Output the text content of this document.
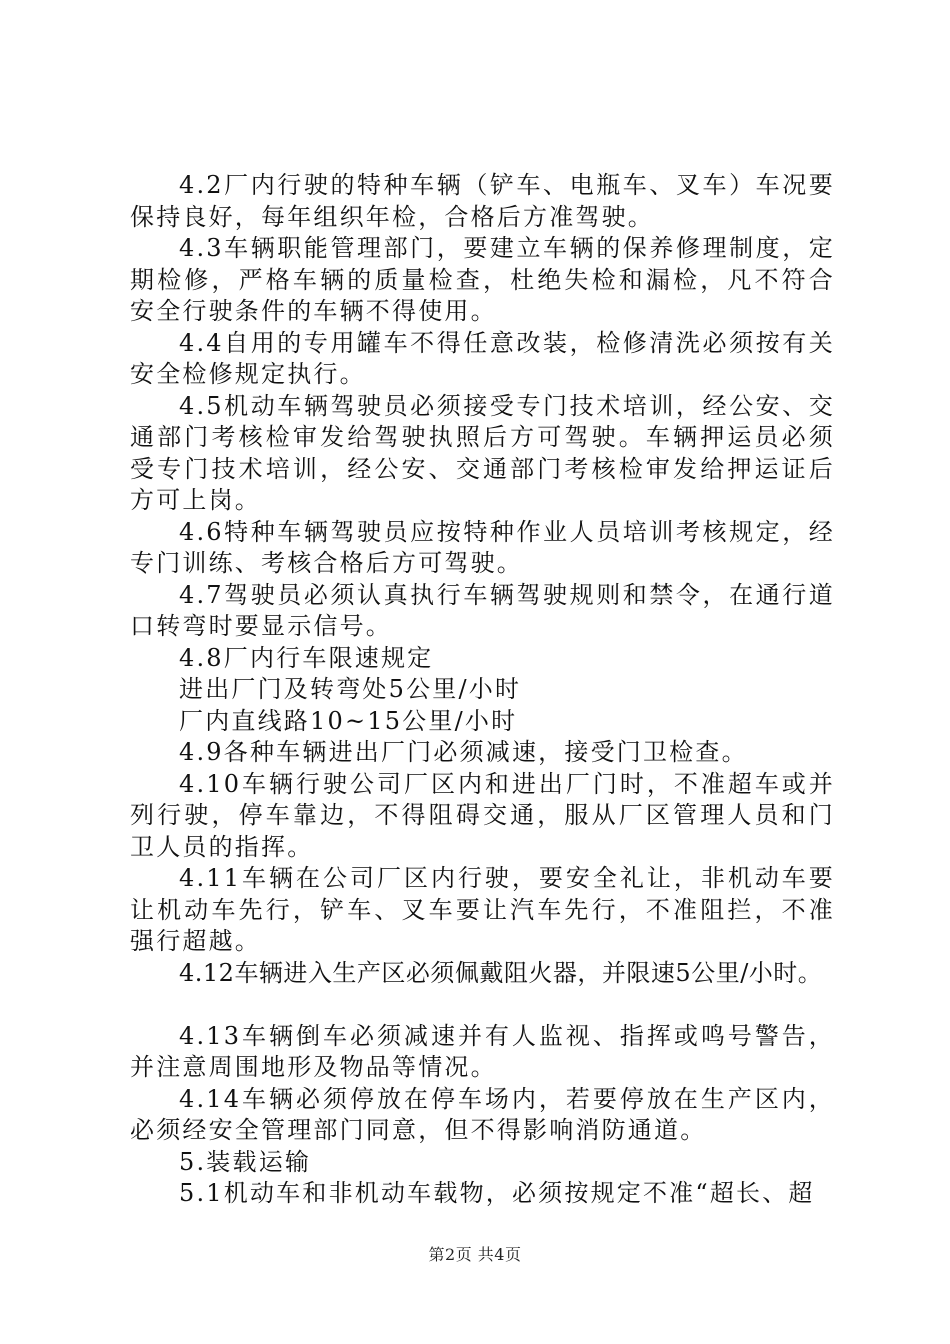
4.2厂内行驶的特种车辆（铲车、电瓶车、叉车）车况要保持良好，每年组织年检，合格后方准驾驶。

4.3车辆职能管理部门，要建立车辆的保养修理制度，定期检修，严格车辆的质量检查，杜绝失检和漏检，凡不符合安全行驶条件的车辆不得使用。

4.4自用的专用罐车不得任意改装，检修清洗必须按有关安全检修规定执行。

4.5机动车辆驾驶员必须接受专门技术培训，经公安、交通部门考核检审发给驾驶执照后方可驾驶。车辆押运员必须受专门技术培训，经公安、交通部门考核检审发给押运证后方可上岗。

4.6特种车辆驾驶员应按特种作业人员培训考核规定，经专门训练、考核合格后方可驾驶。

4.7驾驶员必须认真执行车辆驾驶规则和禁令，在通行道口转弯时要显示信号。

4.8厂内行车限速规定

进出厂门及转弯处5公里/小时

厂内直线路10~15公里/小时

4.9各种车辆进出厂门必须减速，接受门卫检查。

4.10车辆行驶公司厂区内和进出厂门时，不准超车或并列行驶，停车靠边，不得阻碍交通，服从厂区管理人员和门卫人员的指挥。

4.11车辆在公司厂区内行驶，要安全礼让，非机动车要让机动车先行，铲车、叉车要让汽车先行，不准阻拦，不准强行超越。

4.12车辆进入生产区必须佩戴阻火器，并限速5公里/小时。

4.13车辆倒车必须减速并有人监视、指挥或鸣号警告，并注意周围地形及物品等情况。

4.14车辆必须停放在停车场内，若要停放在生产区内，必须经安全管理部门同意，但不得影响消防通道。

5.装载运输

5.1机动车和非机动车载物，必须按规定不准“超长、超

第2页 共4页
